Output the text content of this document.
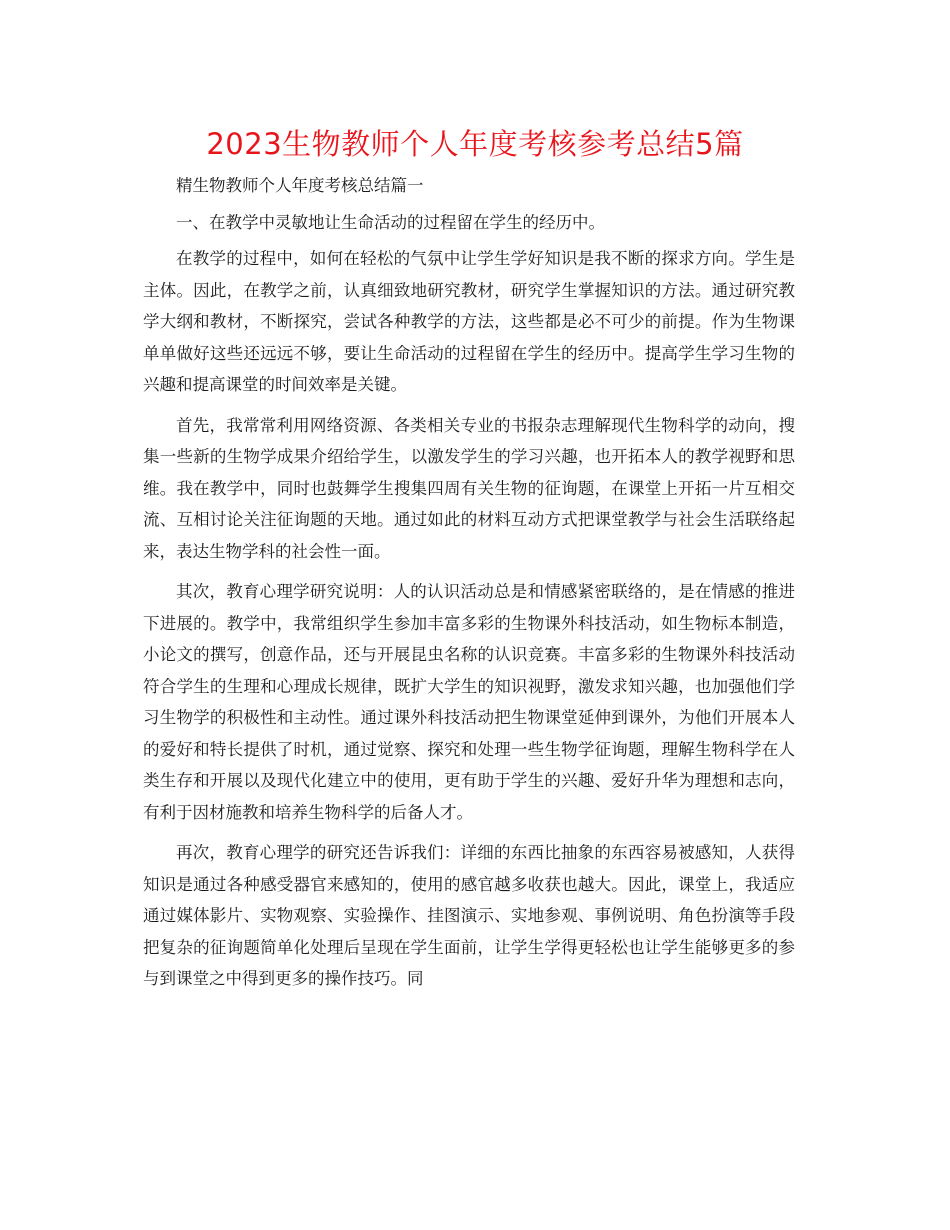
2023生物教师个人年度考核参考总结5篇

精生物教师个人年度考核总结篇一

一、在教学中灵敏地让生命活动的过程留在学生的经历中。

在教学的过程中，如何在轻松的气氛中让学生学好知识是我不断的探求方向。学生是主体。因此，在教学之前，认真细致地研究教材，研究学生掌握知识的方法。通过研究教学大纲和教材，不断探究，尝试各种教学的方法，这些都是必不可少的前提。作为生物课单单做好这些还远远不够，要让生命活动的过程留在学生的经历中。提高学生学习生物的兴趣和提高课堂的时间效率是关键。

首先，我常常利用网络资源、各类相关专业的书报杂志理解现代生物科学的动向，搜集一些新的生物学成果介绍给学生，以激发学生的学习兴趣，也开拓本人的教学视野和思维。我在教学中，同时也鼓舞学生搜集四周有关生物的征询题，在课堂上开拓一片互相交流、互相讨论关注征询题的天地。通过如此的材料互动方式把课堂教学与社会生活联络起来，表达生物学科的社会性一面。

其次，教育心理学研究说明：人的认识活动总是和情感紧密联络的，是在情感的推进下进展的。教学中，我常组织学生参加丰富多彩的生物课外科技活动，如生物标本制造，小论文的撰写，创意作品，还与开展昆虫名称的认识竞赛。丰富多彩的生物课外科技活动符合学生的生理和心理成长规律，既扩大学生的知识视野，激发求知兴趣，也加强他们学习生物学的积极性和主动性。通过课外科技活动把生物课堂延伸到课外，为他们开展本人的爱好和特长提供了时机，通过觉察、探究和处理一些生物学征询题，理解生物科学在人类生存和开展以及现代化建立中的使用，更有助于学生的兴趣、爱好升华为理想和志向，有利于因材施教和培养生物科学的后备人才。

再次，教育心理学的研究还告诉我们：详细的东西比抽象的东西容易被感知，人获得知识是通过各种感受器官来感知的，使用的感官越多收获也越大。因此，课堂上，我适应通过媒体影片、实物观察、实验操作、挂图演示、实地参观、事例说明、角色扮演等手段把复杂的征询题简单化处理后呈现在学生面前，让学生学得更轻松也让学生能够更多的参与到课堂之中得到更多的操作技巧。同
